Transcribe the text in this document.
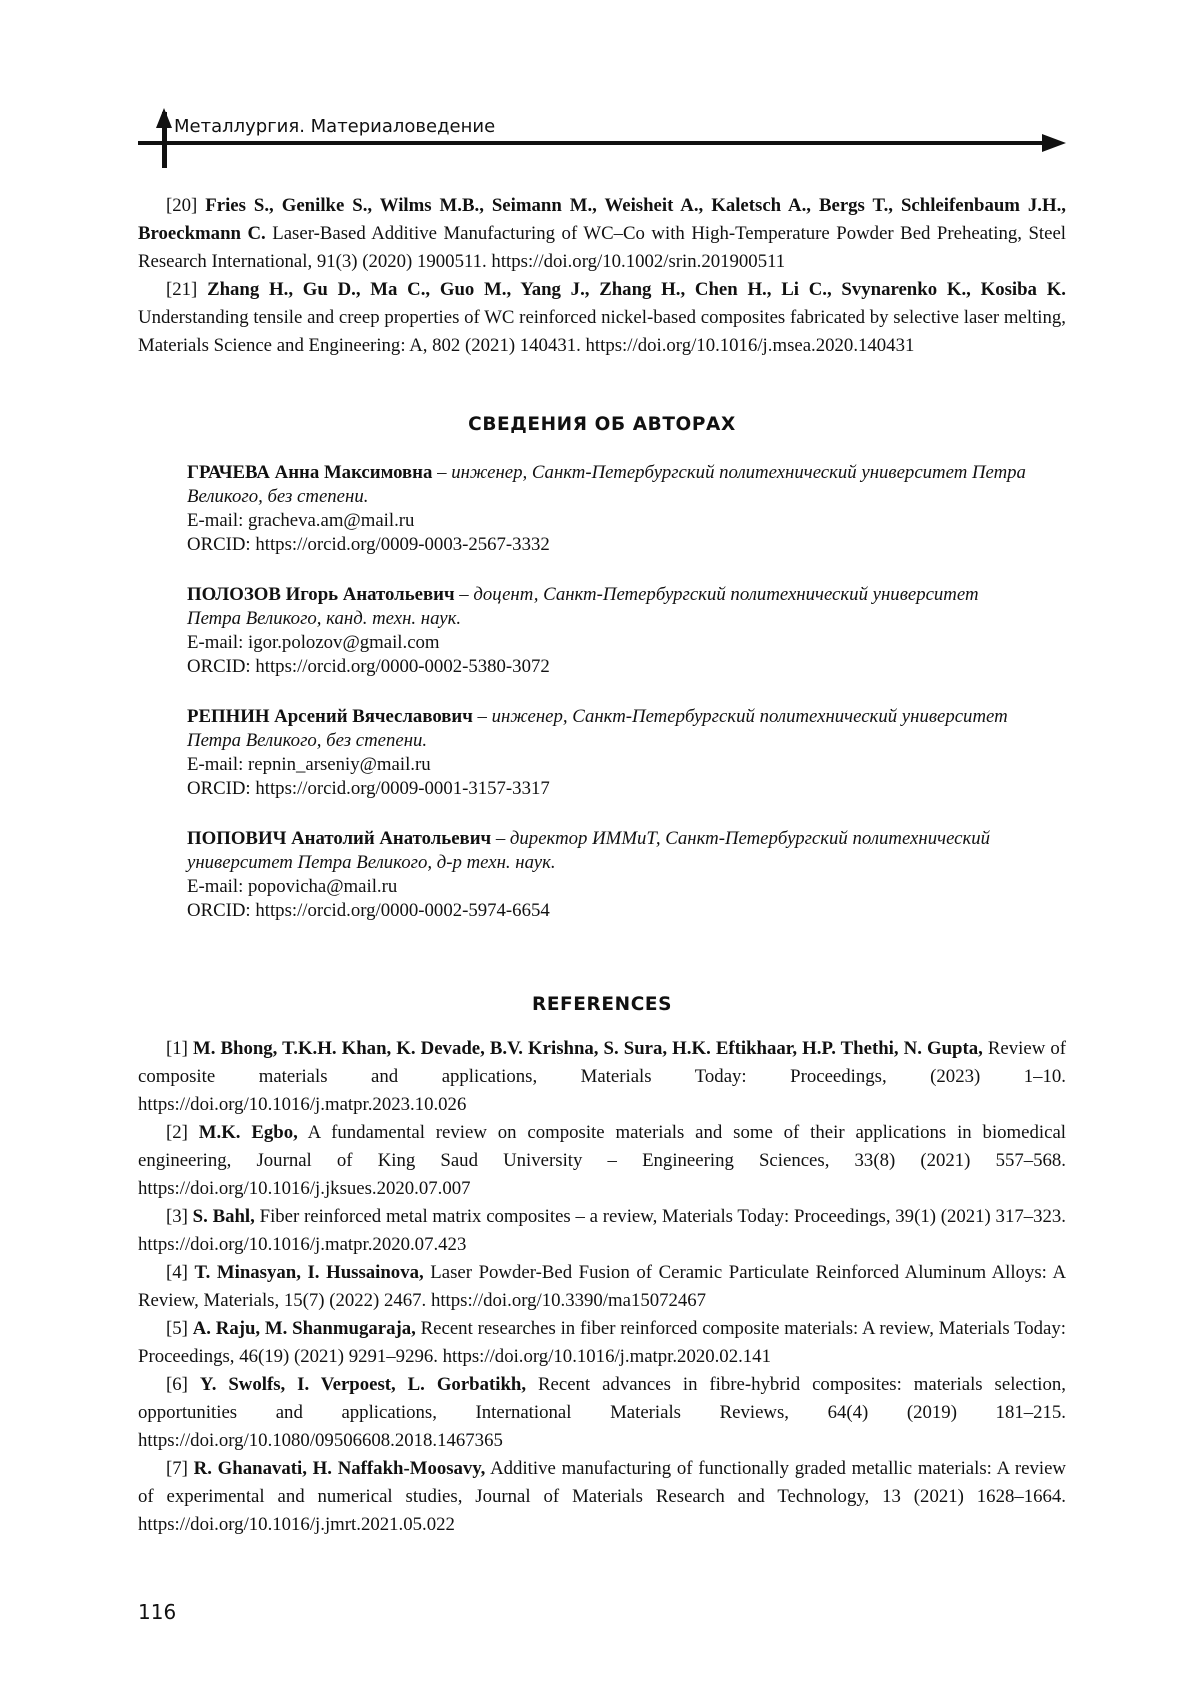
Металлургия. Материаловедение

[20] Fries S., Genilke S., Wilms M.B., Seimann M., Weisheit A., Kaletsch A., Bergs T., Schleifenbaum J.H., Broeckmann C. Laser-Based Additive Manufacturing of WC–Co with High-Temperature Powder Bed Preheating, Steel Research International, 91(3) (2020) 1900511. https://doi.org/10.1002/srin.201900511

[21] Zhang H., Gu D., Ma C., Guo M., Yang J., Zhang H., Chen H., Li C., Svynarenko K., Kosiba K. Understanding tensile and creep properties of WC reinforced nickel-based composites fabricated by selective laser melting, Materials Science and Engineering: A, 802 (2021) 140431. https://doi.org/10.1016/j.msea.2020.140431

СВЕДЕНИЯ ОБ АВТОРАХ
ГРАЧЕВА Анна Максимовна – инженер, Санкт-Петербургский политехнический университет Петра Великого, без степени.
E-mail: gracheva.am@mail.ru
ORCID: https://orcid.org/0009-0003-2567-3332
ПОЛОЗОВ Игорь Анатольевич – доцент, Санкт-Петербургский политехнический университет Петра Великого, канд. техн. наук.
E-mail: igor.polozov@gmail.com
ORCID: https://orcid.org/0000-0002-5380-3072
РЕПНИН Арсений Вячеславович – инженер, Санкт-Петербургский политехнический университет Петра Великого, без степени.
E-mail: repnin_arseniy@mail.ru
ORCID: https://orcid.org/0009-0001-3157-3317
ПОПОВИЧ Анатолий Анатольевич – директор ИММиТ, Санкт-Петербургский политехнический университет Петра Великого, д-р техн. наук.
E-mail: popovicha@mail.ru
ORCID: https://orcid.org/0000-0002-5974-6654
REFERENCES

[1] M. Bhong, T.K.H. Khan, K. Devade, B.V. Krishna, S. Sura, H.K. Eftikhaar, H.P. Thethi, N. Gupta, Review of composite materials and applications, Materials Today: Proceedings, (2023) 1–10. https://doi.org/10.1016/j.matpr.2023.10.026

[2] M.K. Egbo, A fundamental review on composite materials and some of their applications in biomedical engineering, Journal of King Saud University – Engineering Sciences, 33(8) (2021) 557–568. https://doi.org/10.1016/j.jksues.2020.07.007

[3] S. Bahl, Fiber reinforced metal matrix composites – a review, Materials Today: Proceedings, 39(1) (2021) 317–323. https://doi.org/10.1016/j.matpr.2020.07.423

[4] T. Minasyan, I. Hussainova, Laser Powder-Bed Fusion of Ceramic Particulate Reinforced Aluminum Alloys: A Review, Materials, 15(7) (2022) 2467. https://doi.org/10.3390/ma15072467

[5] A. Raju, M. Shanmugaraja, Recent researches in fiber reinforced composite materials: A review, Materials Today: Proceedings, 46(19) (2021) 9291–9296. https://doi.org/10.1016/j.matpr.2020.02.141

[6] Y. Swolfs, I. Verpoest, L. Gorbatikh, Recent advances in fibre-hybrid composites: materials selection, opportunities and applications, International Materials Reviews, 64(4) (2019) 181–215. https://doi.org/10.1080/09506608.2018.1467365

[7] R. Ghanavati, H. Naffakh-Moosavy, Additive manufacturing of functionally graded metallic materials: A review of experimental and numerical studies, Journal of Materials Research and Technology, 13 (2021) 1628–1664. https://doi.org/10.1016/j.jmrt.2021.05.022

116
